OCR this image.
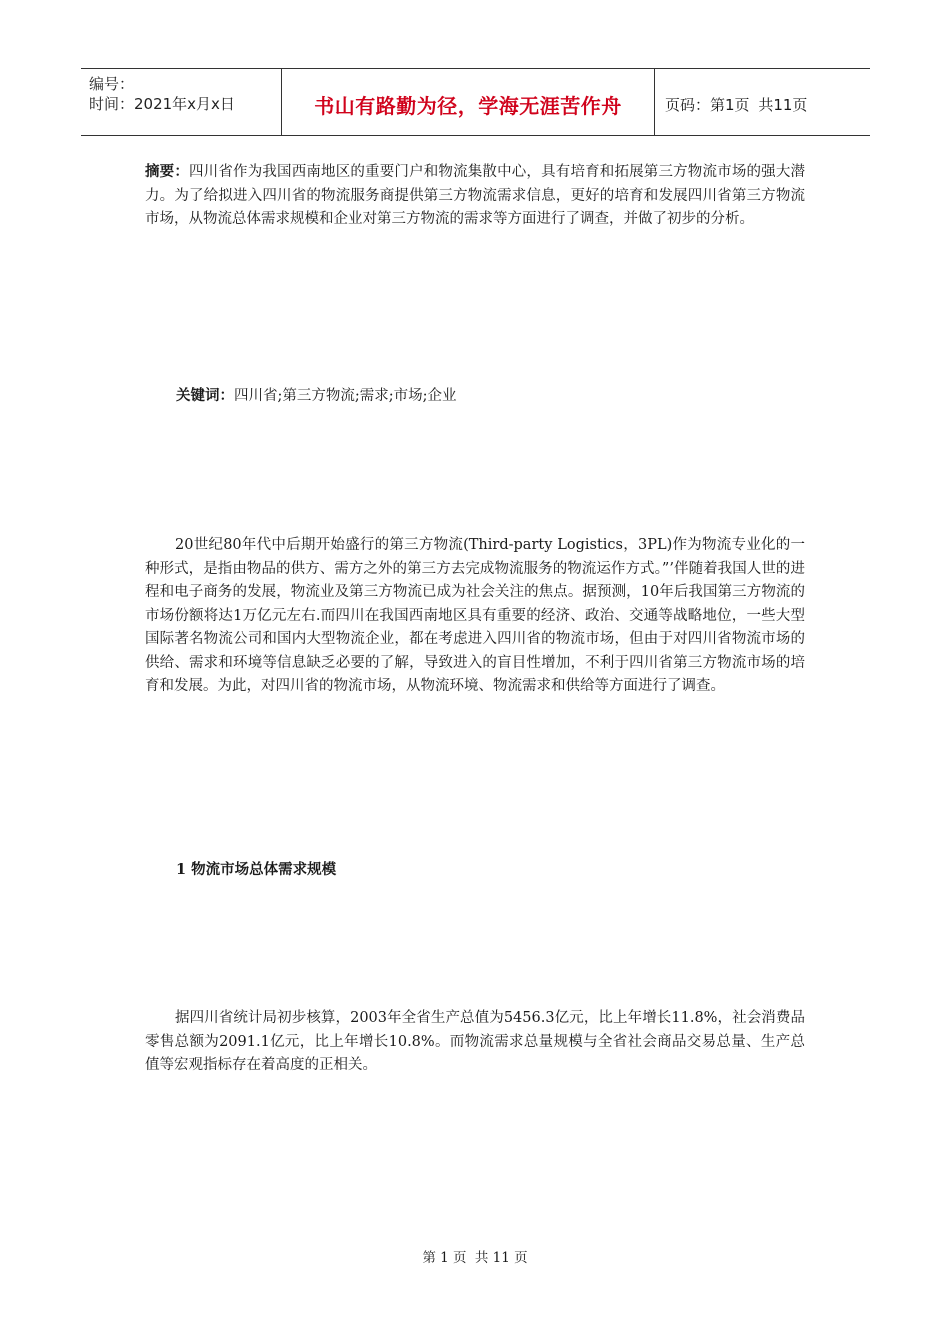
编号：
时间：2021年x月x日	书山有路勤为径，学海无涯苦作舟	页码：第1页
共11页

摘要：四川省作为我国西南地区的重要门户和物流集散中心，具有培育和拓展第三方物流市场的强大潜力。为了给拟进入四川省的物流服务商提供第三方物流需求信息，更好的培育和发展四川省第三方物流市场，从物流总体需求规模和企业对第三方物流的需求等方面进行了调查，并做了初步的分析。

关键词：四川省;第三方物流;需求;市场;企业

20世纪80年代中后期开始盛行的第三方物流(Third-party Logistics，3PL)作为物流专业化的一种形式，是指由物品的供方、需方之外的第三方去完成物流服务的物流运作方式。”’伴随着我国人世的进程和电子商务的发展，物流业及第三方物流已成为社会关注的焦点。据预测，10年后我国第三方物流的市场份额将达1万亿元左右.而四川在我国西南地区具有重要的经济、政治、交通等战略地位，一些大型国际著名物流公司和国内大型物流企业，都在考虑进入四川省的物流市场，但由于对四川省物流市场的供给、需求和环境等信息缺乏必要的了解，导致进入的盲目性增加，不利于四川省第三方物流市场的培育和发展。为此，对四川省的物流市场，从物流环境、物流需求和供给等方面进行了调查。

1 物流市场总体需求规模

据四川省统计局初步核算，2003年全省生产总值为5456.3亿元，比上年增长11.8%，社会消费品零售总额为2091.1亿元，比上年增长10.8%。而物流需求总量规模与全省社会商品交易总量、生产总值等宏观指标存在着高度的正相关。

第 1 页 共 11 页
